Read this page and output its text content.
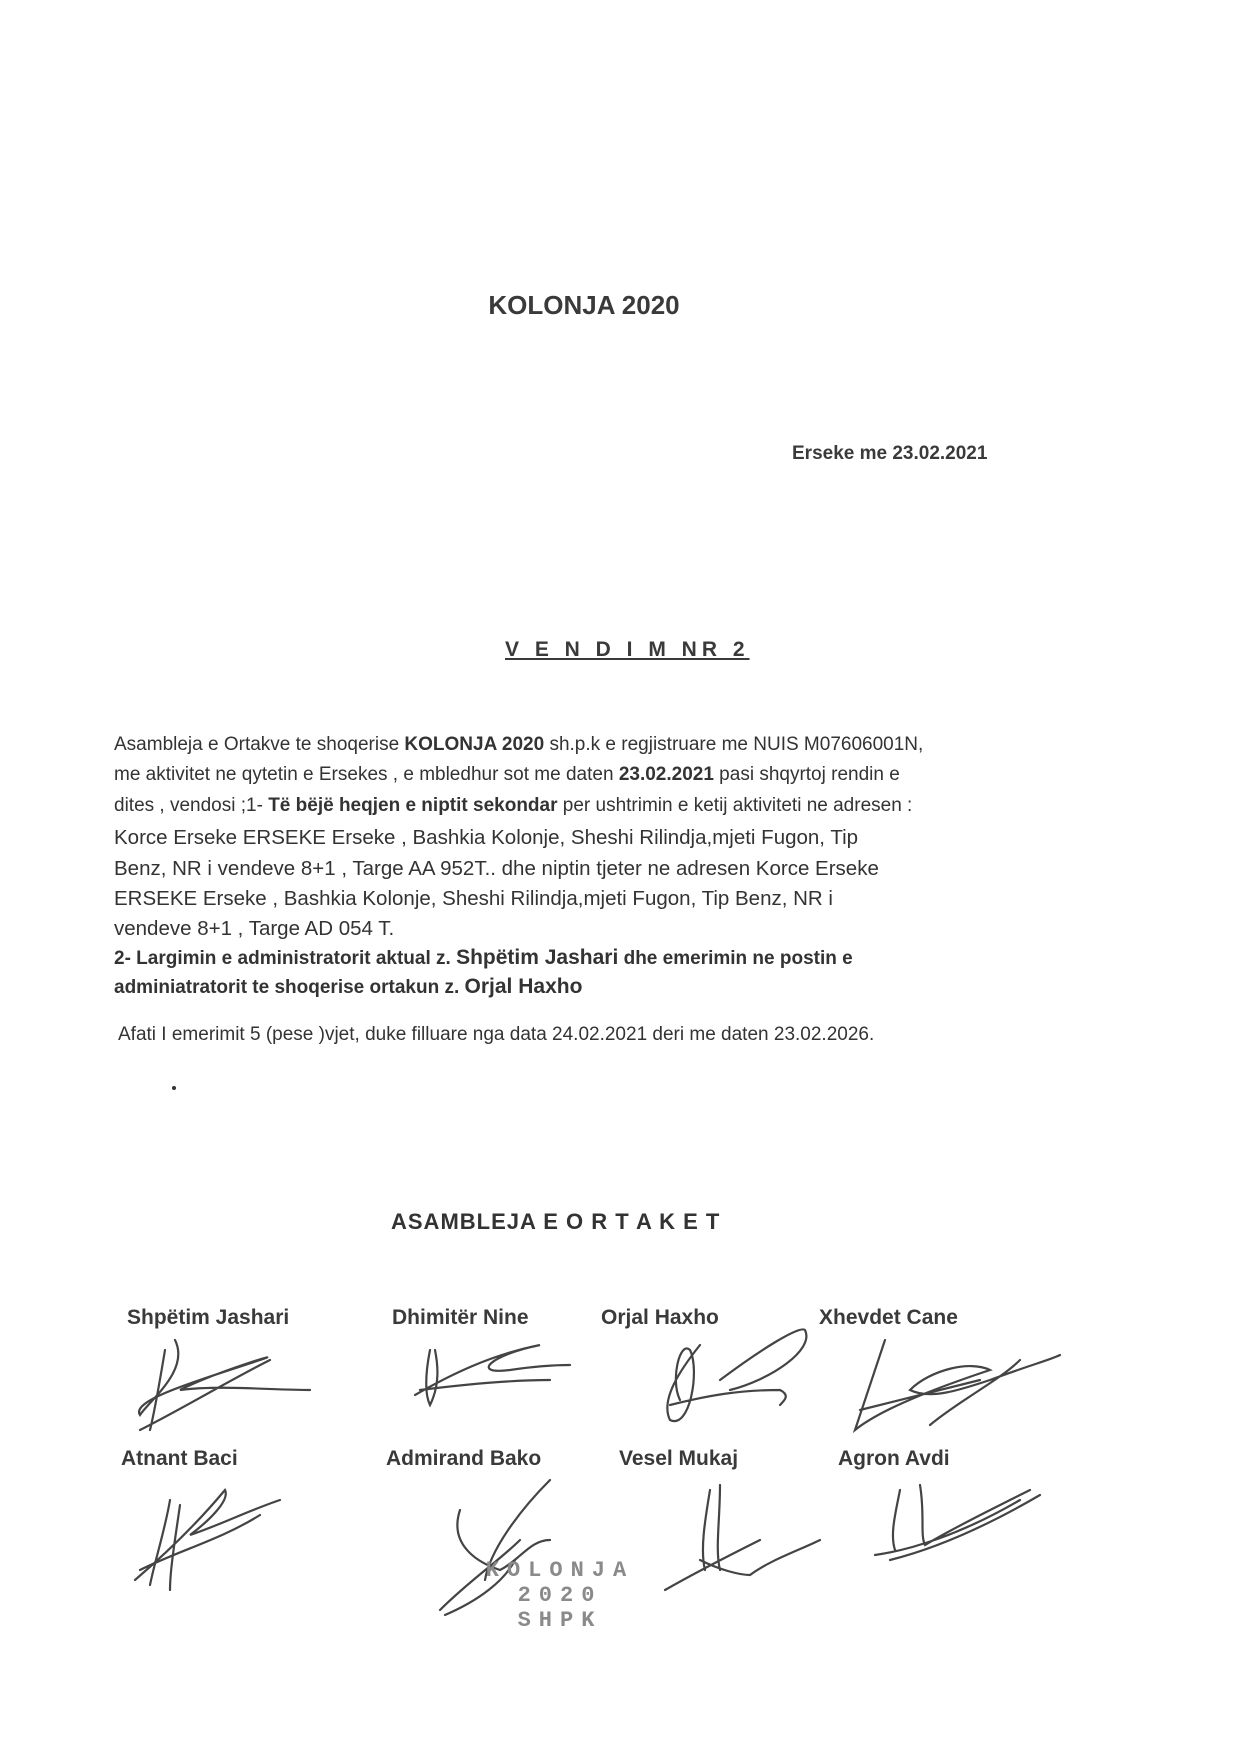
KOLONJA 2020
Erseke me 23.02.2021
V E N D I M NR 2
Asambleja e Ortakve te shoqerise KOLONJA 2020 sh.p.k e regjistruare me NUIS M07606001N,
me aktivitet ne qytetin e Ersekes , e mbledhur sot me daten 23.02.2021 pasi shqyrtoj rendin e
dites , vendosi ;1- Të bëjë heqjen e niptit sekondar per ushtrimin e ketij aktiviteti ne adresen :
Korce Erseke ERSEKE Erseke , Bashkia Kolonje, Sheshi Rilindja,mjeti Fugon, Tip
Benz, NR i vendeve 8+1 , Targe AA 952T.. dhe niptin tjeter ne adresen Korce Erseke
ERSEKE Erseke , Bashkia Kolonje, Sheshi Rilindja,mjeti Fugon, Tip Benz, NR i
vendeve 8+1 , Targe AD 054 T.
2- Largimin e administratorit aktual z. Shpëtim Jashari dhe emerimin ne postin e
adminiatratorit te shoqerise ortakun z. Orjal Haxho
Afati I emerimit 5 (pese )vjet, duke filluare nga data 24.02.2021 deri me daten 23.02.2026.
ASAMBLEJA E O R T A K E T
Shpëtim Jashari	Dhimitër Nine	Orjal Haxho	Xhevdet Cane
Atnant Baci	Admirand Bako	Vesel Mukaj	Agron Avdi
KOLONJA
2020
SHPK
